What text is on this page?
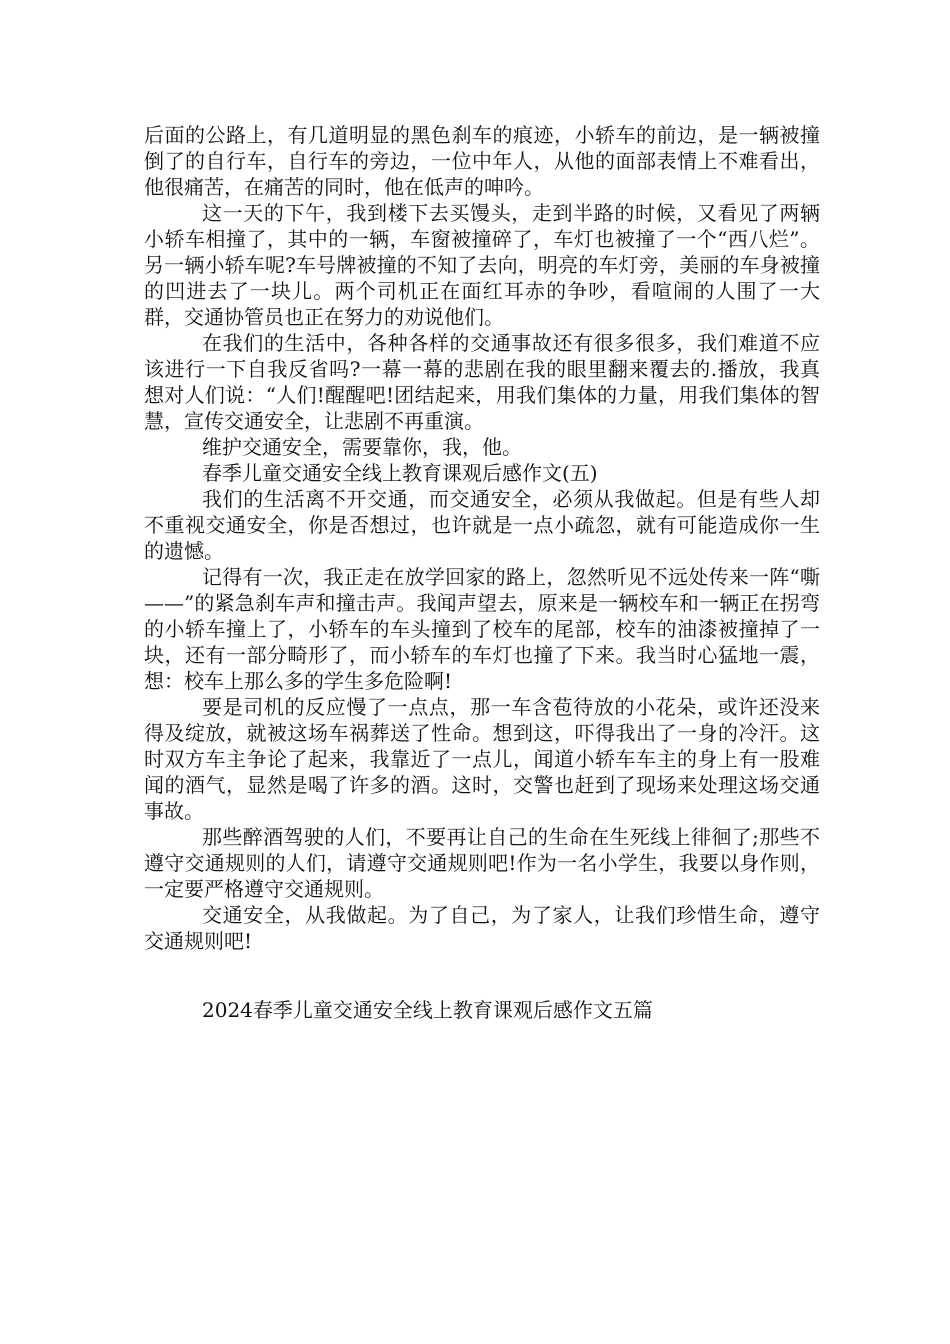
后面的公路上，有几道明显的黑色刹车的痕迹，小轿车的前边，是一辆被撞倒了的自行车，自行车的旁边，一位中年人，从他的面部表情上不难看出，他很痛苦，在痛苦的同时，他在低声的呻吟。

这一天的下午，我到楼下去买馒头，走到半路的时候，又看见了两辆小轿车相撞了，其中的一辆，车窗被撞碎了，车灯也被撞了一个“西八烂”。另一辆小轿车呢?车号牌被撞的不知了去向，明亮的车灯旁，美丽的车身被撞的凹进去了一块儿。两个司机正在面红耳赤的争吵，看喧闹的人围了一大群，交通协管员也正在努力的劝说他们。

在我们的生活中，各种各样的交通事故还有很多很多，我们难道不应该进行一下自我反省吗?一幕一幕的悲剧在我的眼里翻来覆去的.播放，我真想对人们说：“人们!醒醒吧!团结起来，用我们集体的力量，用我们集体的智慧，宣传交通安全，让悲剧不再重演。

维护交通安全，需要靠你，我，他。

春季儿童交通安全线上教育课观后感作文(五)

我们的生活离不开交通，而交通安全，必须从我做起。但是有些人却不重视交通安全，你是否想过，也许就是一点小疏忽，就有可能造成你一生的遗憾。

记得有一次，我正走在放学回家的路上，忽然听见不远处传来一阵“嘶——”的紧急刹车声和撞击声。我闻声望去，原来是一辆校车和一辆正在拐弯的小轿车撞上了，小轿车的车头撞到了校车的尾部，校车的油漆被撞掉了一块，还有一部分畸形了，而小轿车的车灯也撞了下来。我当时心猛地一震，想：校车上那么多的学生多危险啊!

要是司机的反应慢了一点点，那一车含苞待放的小花朵，或许还没来得及绽放，就被这场车祸葬送了性命。想到这，吓得我出了一身的冷汗。这时双方车主争论了起来，我靠近了一点儿，闻道小轿车车主的身上有一股难闻的酒气，显然是喝了许多的酒。这时，交警也赶到了现场来处理这场交通事故。

那些醉酒驾驶的人们，不要再让自己的生命在生死线上徘徊了;那些不遵守交通规则的人们，请遵守交通规则吧!作为一名小学生，我要以身作则，一定要严格遵守交通规则。

交通安全，从我做起。为了自己，为了家人，让我们珍惜生命，遵守交通规则吧!

2024春季儿童交通安全线上教育课观后感作文五篇
